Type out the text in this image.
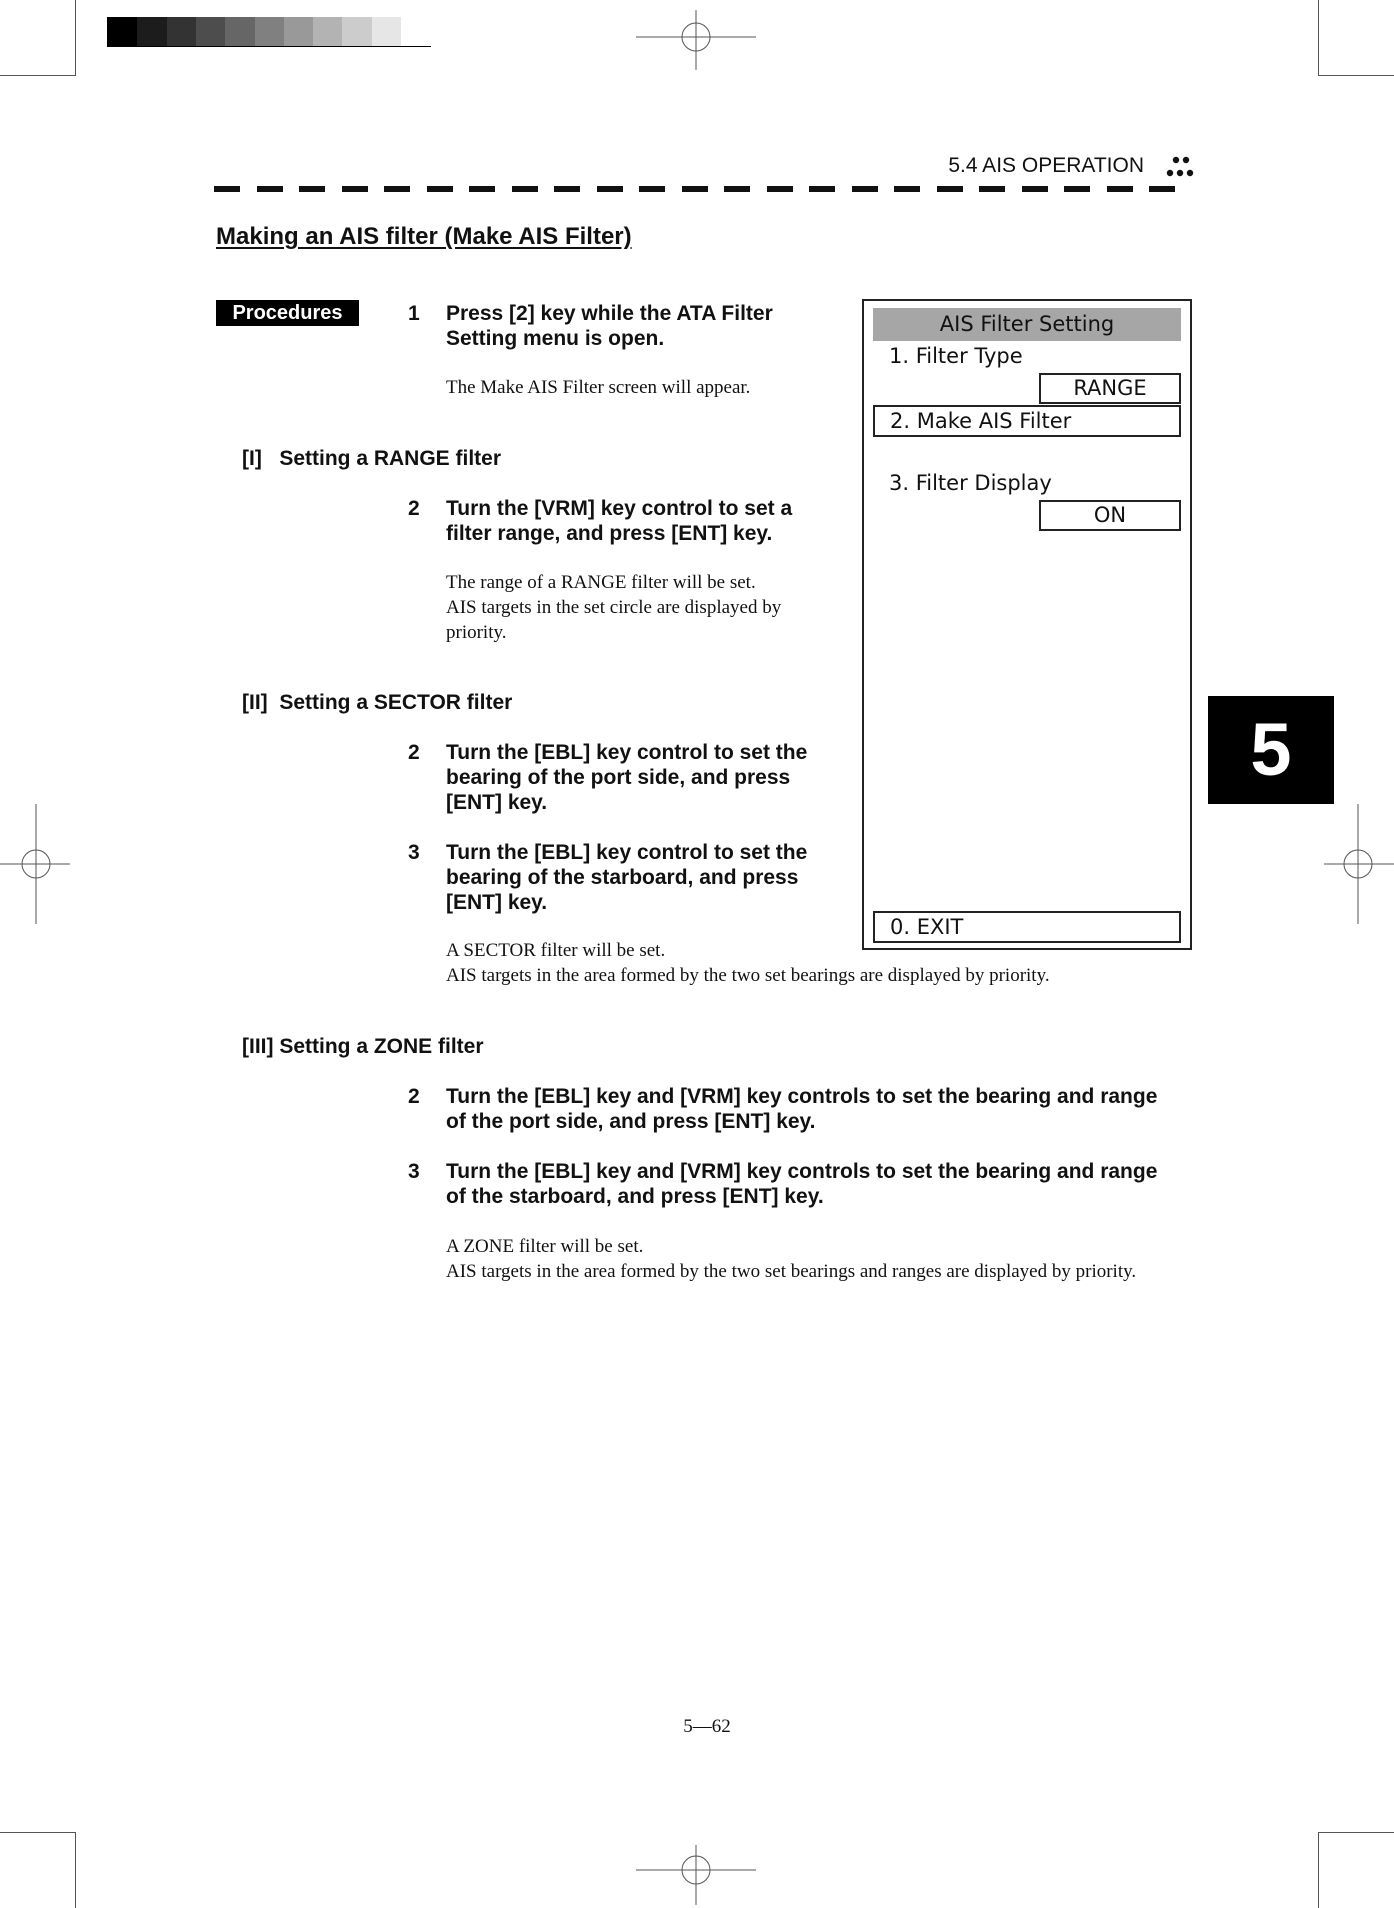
5.4 AIS OPERATION
Making an AIS filter (Make AIS Filter)
Procedures	1 Press [2] key while the ATA Filter
Setting menu is open.
The Make AIS Filter screen will appear.
[I]   Setting a RANGE filter
2 Turn the [VRM] key control to set a
filter range, and press [ENT] key.
The range of a RANGE filter will be set.
AIS targets in the set circle are displayed by
priority.
[II]  Setting a SECTOR filter
2 Turn the [EBL] key control to set the
bearing of the port side, and press
[ENT] key.
3 Turn the [EBL] key control to set the
bearing of the starboard, and press
[ENT] key.
A SECTOR filter will be set.
AIS targets in the area formed by the two set bearings are displayed by priority.
[III] Setting a ZONE filter
2 Turn the [EBL] key and [VRM] key controls to set the bearing and range
of the port side, and press [ENT] key.
3 Turn the [EBL] key and [VRM] key controls to set the bearing and range
of the starboard, and press [ENT] key.
A ZONE filter will be set.
AIS targets in the area formed by the two set bearings and ranges are displayed by priority.
AIS Filter Setting
1. Filter Type
RANGE
2. Make AIS Filter
3. Filter Display
ON
0. EXIT
5
5—62
